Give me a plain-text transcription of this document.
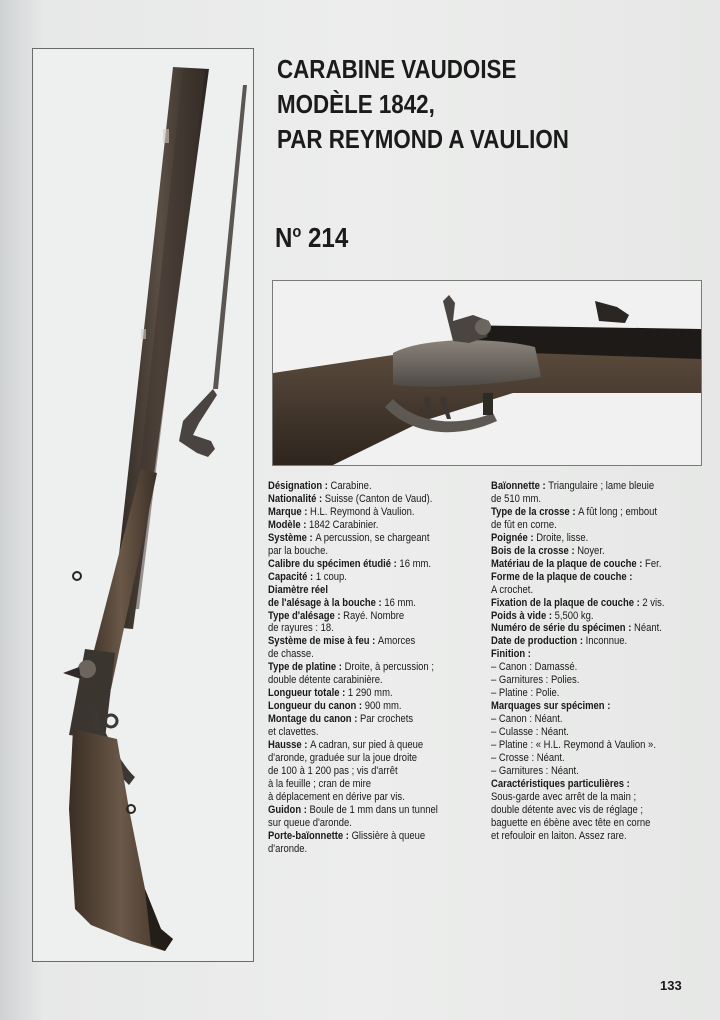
CARABINE VAUDOISE
MODÈLE 1842,
PAR REYMOND A VAULION
$N^o$ 214
Désignation : Carabine.
Nationalité : Suisse (Canton de Vaud).
Marque : H.L. Reymond à Vaulion.
Modèle : 1842 Carabinier.
Système : A percussion, se chargeant
par la bouche.
Calibre du spécimen étudié : 16 mm.
Capacité : 1 coup.
Diamètre réel
de l'alésage à la bouche : 16 mm.
Type d'alésage : Rayé. Nombre
de rayures : 18.
Système de mise à feu : Amorces
de chasse.
Type de platine : Droite, à percussion ;
double détente carabinière.
Longueur totale : 1 290 mm.
Longueur du canon : 900 mm.
Montage du canon : Par crochets
et clavettes.
Hausse : A cadran, sur pied à queue
d'aronde, graduée sur la joue droite
de 100 à 1 200 pas ; vis d'arrêt
à la feuille ; cran de mire
à déplacement en dérive par vis.
Guidon : Boule de 1 mm dans un tunnel
sur queue d'aronde.
Porte-baïonnette : Glissière à queue
d'aronde.
Baïonnette : Triangulaire ; lame bleuie
de 510 mm.
Type de la crosse : A fût long ; embout
de fût en corne.
Poignée : Droite, lisse.
Bois de la crosse : Noyer.
Matériau de la plaque de couche : Fer.
Forme de la plaque de couche :
A crochet.
Fixation de la plaque de couche : 2 vis.
Poids à vide : 5,500 kg.
Numéro de série du spécimen : Néant.
Date de production : Inconnue.
Finition :
– Canon : Damassé.
– Garnitures : Polies.
– Platine : Polie.
Marquages sur spécimen :
– Canon : Néant.
– Culasse : Néant.
– Platine : « H.L. Reymond à Vaulion ».
– Crosse : Néant.
– Garnitures : Néant.
Caractéristiques particulières :
Sous-garde avec arrêt de la main ;
double détente avec vis de réglage ;
baguette en ébène avec tête en corne
et refouloir en laiton. Assez rare.
133
